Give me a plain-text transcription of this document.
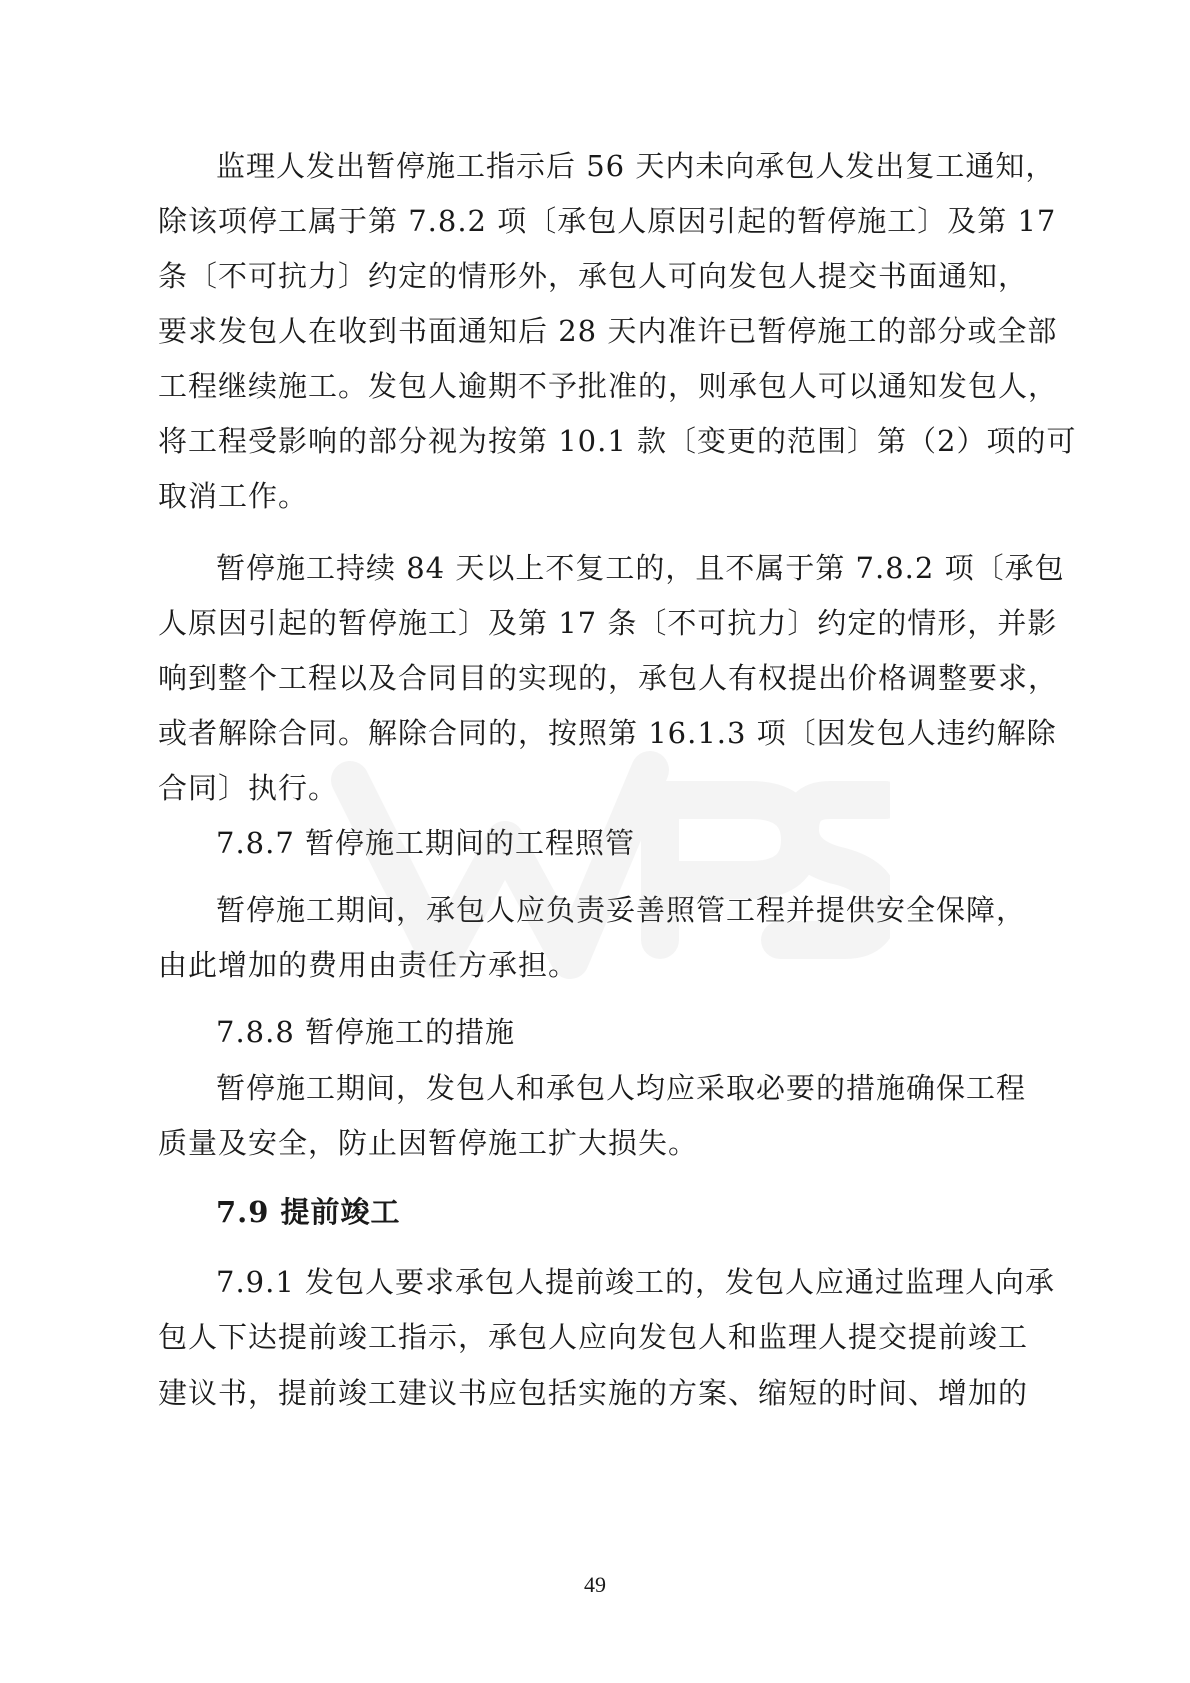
监理人发出暂停施工指示后 56 天内未向承包人发出复工通知，
除该项停工属于第 7.8.2 项〔承包人原因引起的暂停施工〕及第 17
条〔不可抗力〕约定的情形外，承包人可向发包人提交书面通知，
要求发包人在收到书面通知后 28 天内准许已暂停施工的部分或全部
工程继续施工。发包人逾期不予批准的，则承包人可以通知发包人，
将工程受影响的部分视为按第 10.1 款〔变更的范围〕第（2）项的可
取消工作。
暂停施工持续 84 天以上不复工的，且不属于第 7.8.2 项〔承包
人原因引起的暂停施工〕及第 17 条〔不可抗力〕约定的情形，并影
响到整个工程以及合同目的实现的，承包人有权提出价格调整要求，
或者解除合同。解除合同的，按照第 16.1.3 项〔因发包人违约解除
合同〕执行。
7.8.7 暂停施工期间的工程照管
暂停施工期间，承包人应负责妥善照管工程并提供安全保障，
由此增加的费用由责任方承担。
7.8.8 暂停施工的措施
暂停施工期间，发包人和承包人均应采取必要的措施确保工程
质量及安全，防止因暂停施工扩大损失。
7.9 提前竣工
7.9.1 发包人要求承包人提前竣工的，发包人应通过监理人向承
包人下达提前竣工指示，承包人应向发包人和监理人提交提前竣工
建议书，提前竣工建议书应包括实施的方案、缩短的时间、增加的
49
WPS
